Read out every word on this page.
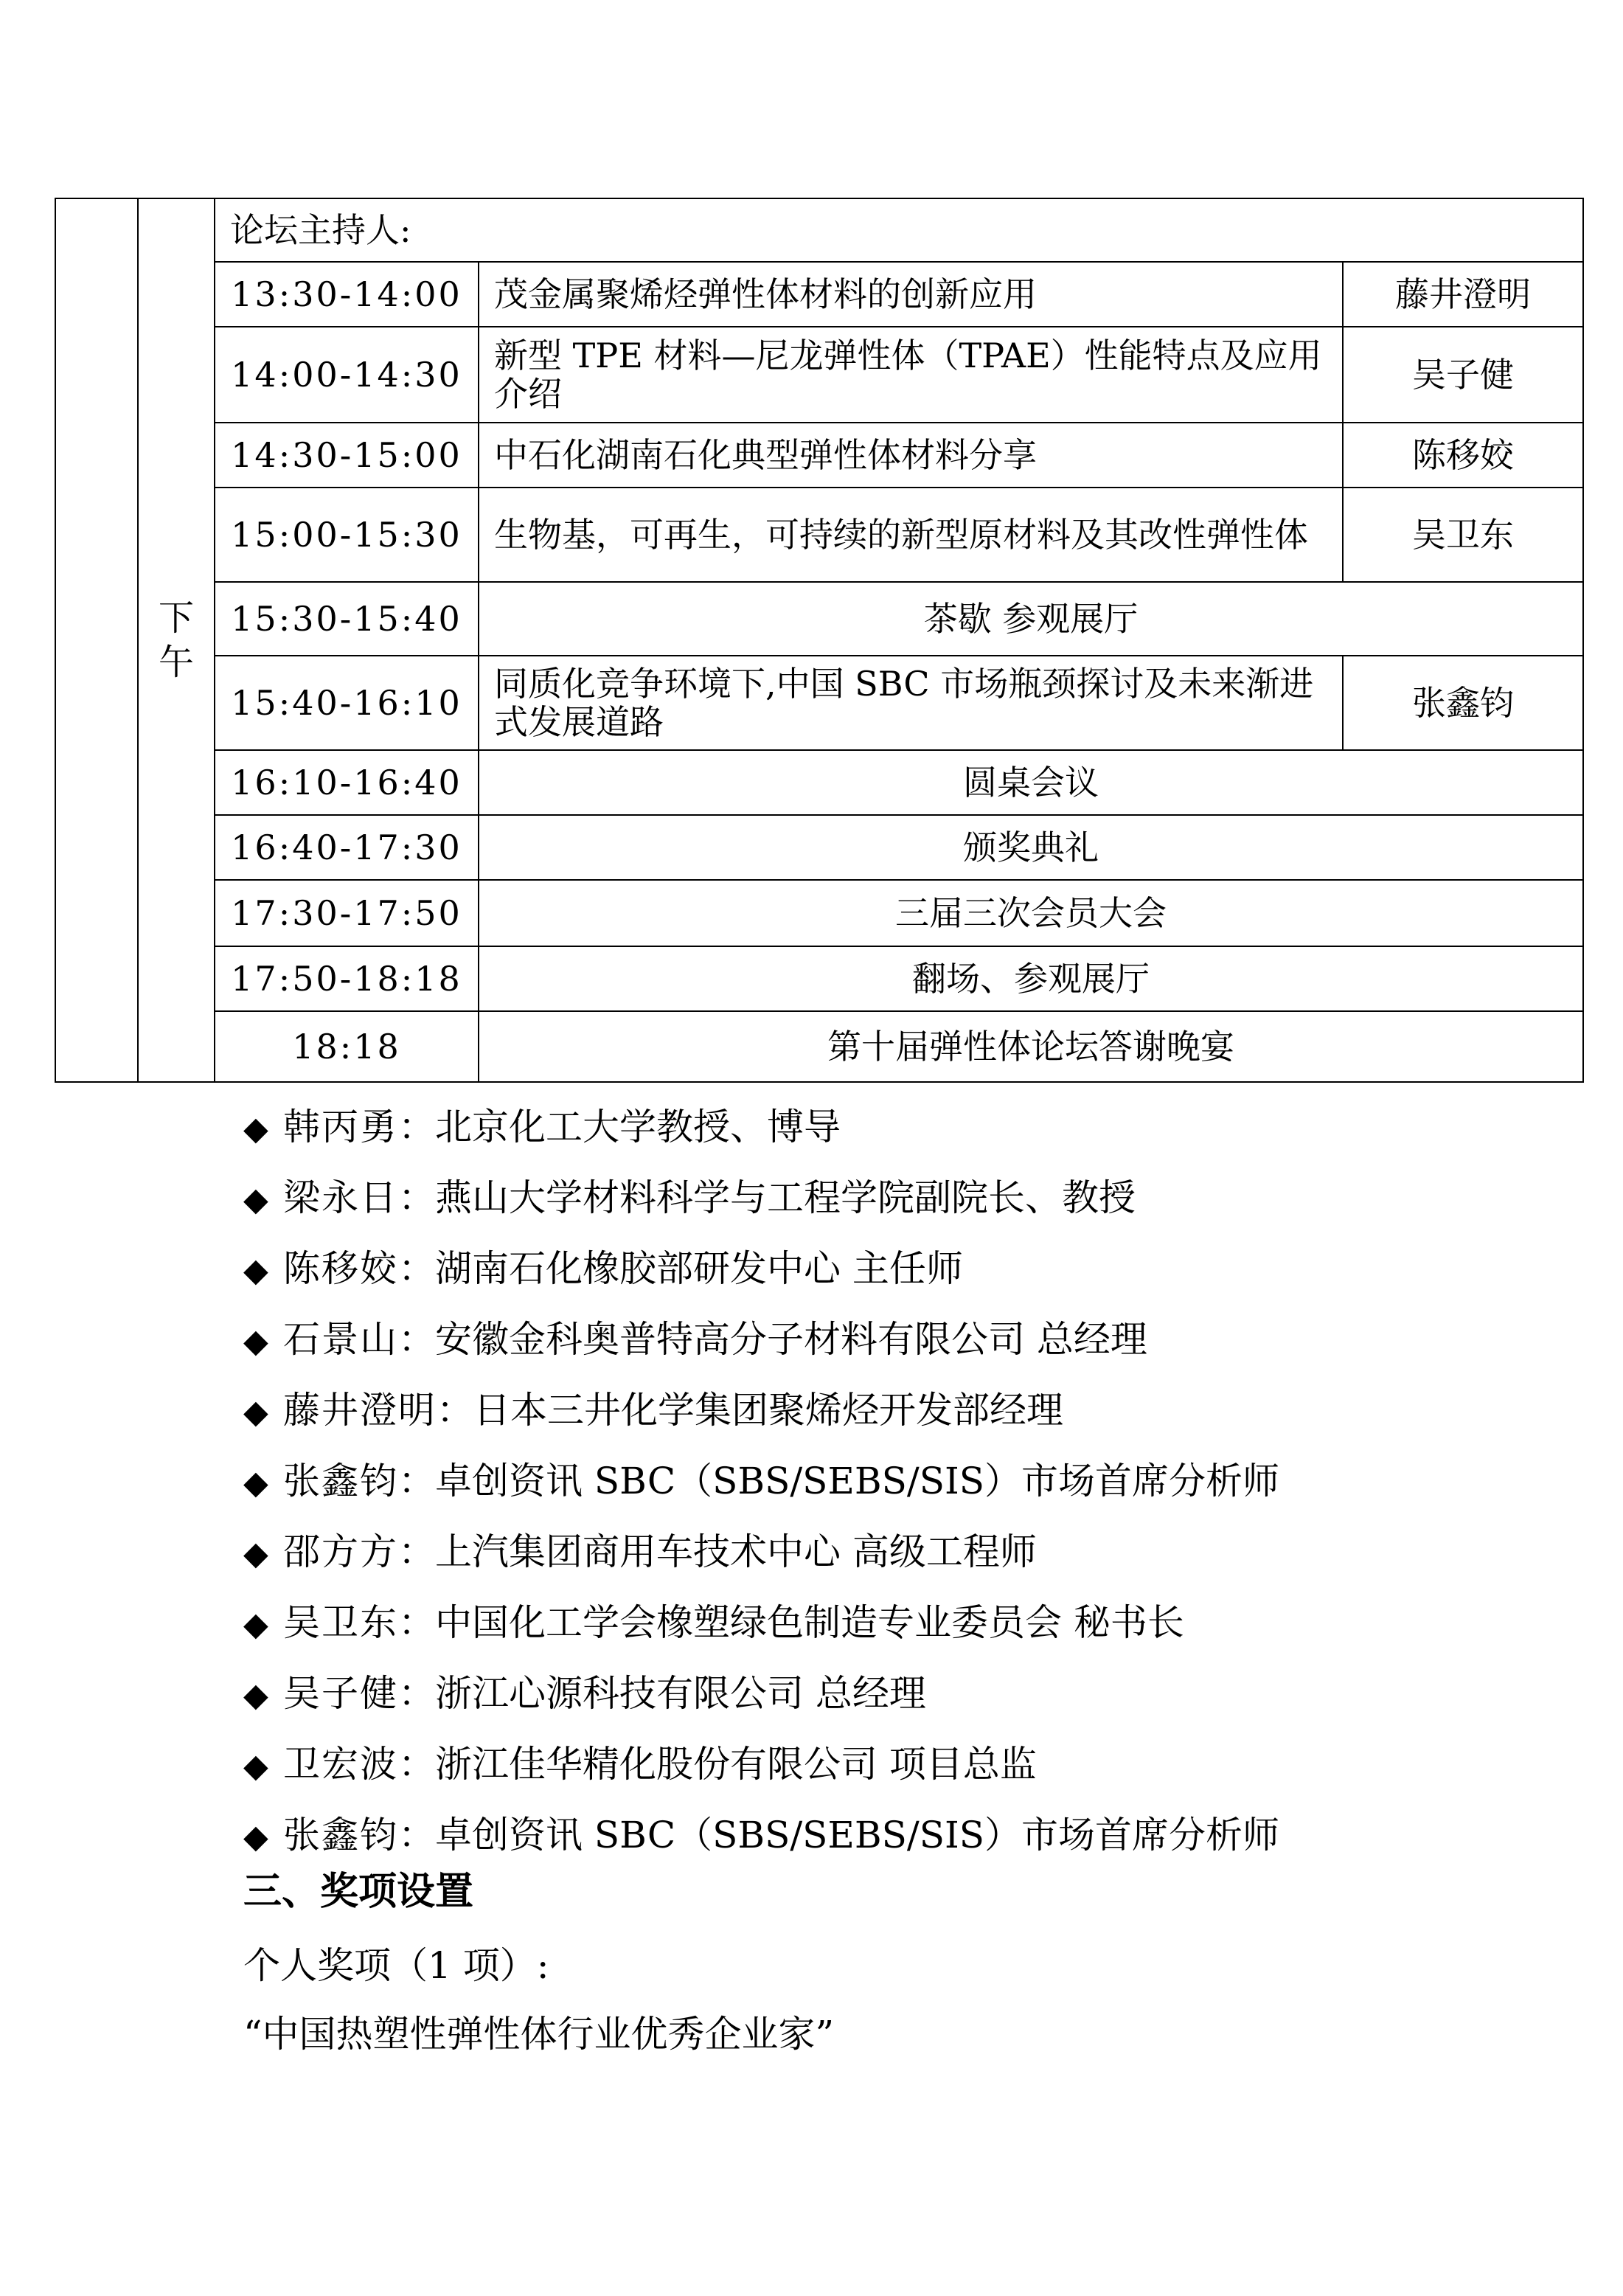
	下午	论坛主持人:		
		13:30-14:00	茂金属聚烯烃弹性体材料的创新应用	藤井澄明
		14:00-14:30	新型 TPE 材料—尼龙弹性体（TPAE）性能特点及应用介绍	吴子健
		14:30-15:00	中石化湖南石化典型弹性体材料分享	陈移姣
		15:00-15:30	生物基，可再生，可持续的新型原材料及其改性弹性体	吴卫东
		15:30-15:40	茶歇 参观展厅	
		15:40-16:10	同质化竞争环境下,中国 SBC 市场瓶颈探讨及未来渐进式发展道路	张鑫钧
		16:10-16:40	圆桌会议	
		16:40-17:30	颁奖典礼	
		17:30-17:50	三届三次会员大会	
		17:50-18:18	翻场、参观展厅	
		18:18	第十届弹性体论坛答谢晚宴	
◆ 韩丙勇：北京化工大学教授、博导
◆ 梁永日：燕山大学材料科学与工程学院副院长、教授
◆ 陈移姣：湖南石化橡胶部研发中心 主任师
◆ 石景山：安徽金科奥普特高分子材料有限公司 总经理
◆ 藤井澄明：日本三井化学集团聚烯烃开发部经理
◆ 张鑫钧：卓创资讯 SBC（SBS/SEBS/SIS）市场首席分析师
◆ 邵方方：上汽集团商用车技术中心 高级工程师
◆ 吴卫东：中国化工学会橡塑绿色制造专业委员会 秘书长
◆ 吴子健：浙江心源科技有限公司 总经理
◆ 卫宏波：浙江佳华精化股份有限公司 项目总监
◆ 张鑫钧：卓创资讯 SBC（SBS/SEBS/SIS）市场首席分析师
三、奖项设置
个人奖项（1 项）:
“中国热塑性弹性体行业优秀企业家”
